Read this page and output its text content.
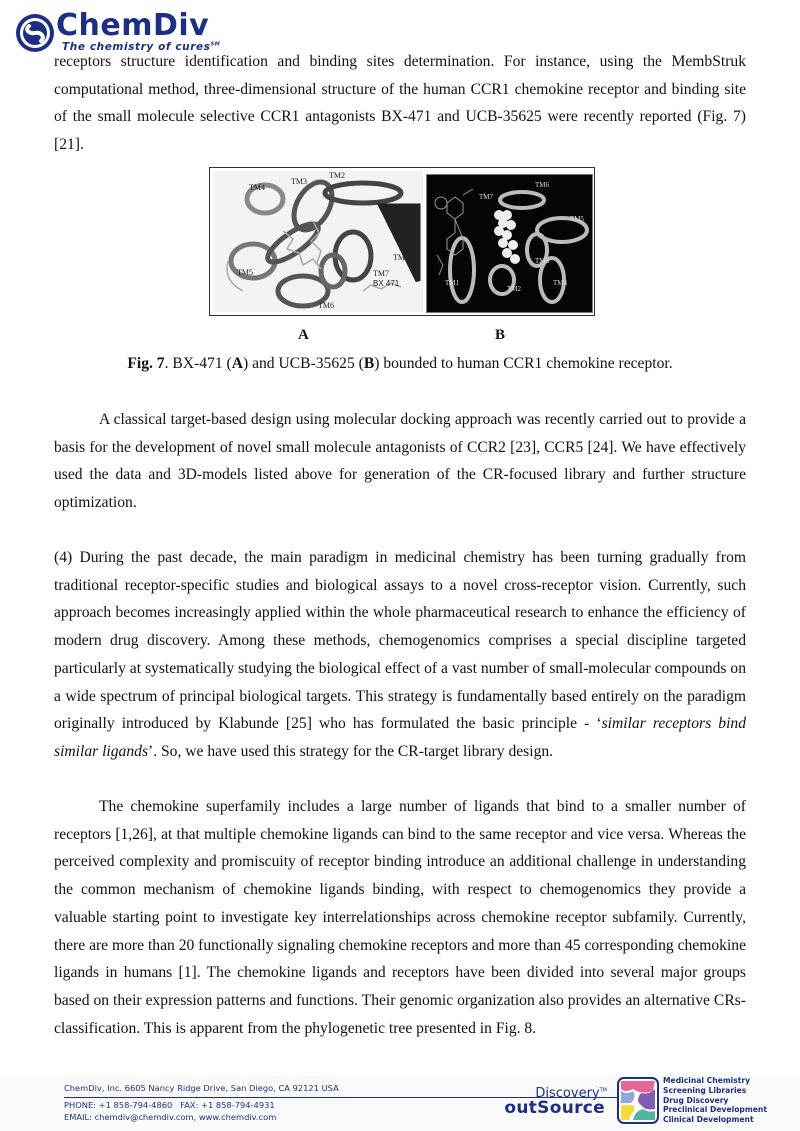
ChemDiv
The chemistry of cures℠

receptors structure identification and binding sites determination. For instance, using the MembStruk computational method, three-dimensional structure of the human CCR1 chemokine receptor and binding site of the small molecule selective CCR1 antagonists BX-471 and UCB-35625 were recently reported (Fig. 7) [21].

TM4
TM3
TM2
TM1
TM5	TM7
TM6
BX 471
TM7
TM6
TM5
TM3
TM1
TM2
TM4
A	B
Fig. 7. BX-471 (A) and UCB-35625 (B) bounded to human CCR1 chemokine receptor.

A classical target-based design using molecular docking approach was recently carried out to provide a basis for the development of novel small molecule antagonists of CCR2 [23], CCR5 [24]. We have effectively used the data and 3D-models listed above for generation of the CR-focused library and further structure optimization.

(4) During the past decade, the main paradigm in medicinal chemistry has been turning gradually from traditional receptor-specific studies and biological assays to a novel cross-receptor vision. Currently, such approach becomes increasingly applied within the whole pharmaceutical research to enhance the efficiency of modern drug discovery. Among these methods, chemogenomics comprises a special discipline targeted particularly at systematically studying the biological effect of a vast number of small-molecular compounds on a wide spectrum of principal biological targets. This strategy is fundamentally based entirely on the paradigm originally introduced by Klabunde [25] who has formulated the basic principle - ‘similar receptors bind similar ligands’. So, we have used this strategy for the CR-target library design.

The chemokine superfamily includes a large number of ligands that bind to a smaller number of receptors [1,26], at that multiple chemokine ligands can bind to the same receptor and vice versa. Whereas the perceived complexity and promiscuity of receptor binding introduce an additional challenge in understanding the common mechanism of chemokine ligands binding, with respect to chemogenomics they provide a valuable starting point to investigate key interrelationships across chemokine receptor subfamily. Currently, there are more than 20 functionally signaling chemokine receptors and more than 45 corresponding chemokine ligands in humans [1]. The chemokine ligands and receptors have been divided into several major groups based on their expression patterns and functions. Their genomic organization also provides an alternative CRs-classification. This is apparent from the phylogenetic tree presented in Fig. 8.

ChemDiv, Inc. 6605 Nancy Ridge Drive, San Diego, CA 92121 USA
PHONE: +1 858-794-4860   FAX: +1 858-794-4931
EMAIL: chemdiv@chemdiv.com, www.chemdiv.com
Discovery™
outSource
Medicinal Chemistry
Screening Libraries
Drug Discovery
Preclinical Development
Clinical Development
